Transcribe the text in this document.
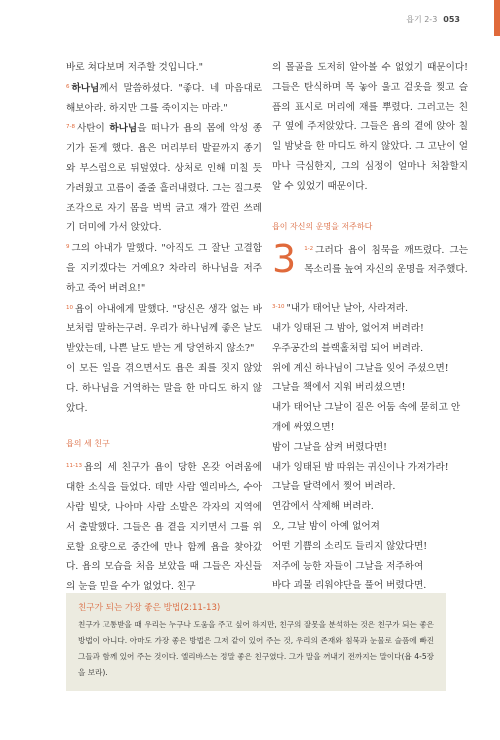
욥기 2-3 053

바로 쳐다보며 저주할 것입니다."

$^6$ 하나님께서 말씀하셨다. "좋다. 네 마음대로 해보아라. 하지만 그를 죽이지는 마라."

$^{7-8}$ 사탄이 하나님을 떠나가 욥의 몸에 악성 종기가 돋게 했다. 욥은 머리부터 발끝까지 종기와 부스럼으로 뒤덮였다. 상처로 인해 미칠 듯 가려웠고 고름이 줄줄 흘러내렸다. 그는 질그릇 조각으로 자기 몸을 벅벅 긁고 재가 깔린 쓰레기 더미에 가서 앉았다.

$^9$ 그의 아내가 말했다. "아직도 그 잘난 고결함을 지키겠다는 거예요? 차라리 하나님을 저주하고 죽어 버려요!"

$^{10}$ 욥이 아내에게 말했다. "당신은 생각 없는 바보처럼 말하는구려. 우리가 하나님께 좋은 날도 받았는데, 나쁜 날도 받는 게 당연하지 않소?"

이 모든 일을 겪으면서도 욥은 죄를 짓지 않았다. 하나님을 거역하는 말을 한 마디도 하지 않았다.

욥의 세 친구

$^{11-13}$ 욥의 세 친구가 욥이 당한 온갖 어려움에 대한 소식을 들었다. 데만 사람 엘리바스, 수아 사람 빌닷, 나아마 사람 소발은 각자의 지역에서 출발했다. 그들은 욥 곁을 지키면서 그를 위로할 요량으로 중간에 만나 함께 욥을 찾아갔다. 욥의 모습을 처음 보았을 때 그들은 자신들의 눈을 믿을 수가 없었다. 친구

의 몰골을 도저히 알아볼 수 없었기 때문이다! 그들은 탄식하며 목 놓아 울고 겉옷을 찢고 슬픔의 표시로 머리에 재를 뿌렸다. 그러고는 친구 옆에 주저앉았다. 그들은 욥의 곁에 앉아 칠 일 밤낮을 한 마디도 하지 않았다. 그 고난이 얼마나 극심한지, 그의 심정이 얼마나 처참할지 알 수 있었기 때문이다.

욥이 자신의 운명을 저주하다
3	$^{1-2}$ 그러다 욥이 침묵을 깨뜨렸다. 그는 목소리를 높여 자신의 운명을 저주했다.

$^{3-10}$ "내가 태어난 날아, 사라져라.
내가 잉태된 그 밤아, 없어져 버려라!
우주공간의 블랙홀처럼 되어 버려라.
위에 계신 하나님이 그날을 잊어 주셨으면!
그날을 책에서 지워 버리셨으면!
내가 태어난 그날이 짙은 어둠 속에 묻히고 안
개에 싸였으면!
밤이 그날을 삼켜 버렸다면!
내가 잉태된 밤 따위는 귀신이나 가져가라!
그날을 달력에서 찢어 버려라.
연감에서 삭제해 버려라.
오, 그날 밤이 아예 없어져
어떤 기쁨의 소리도 들리지 않았다면!
저주에 능한 자들이 그날을 저주하여
바다 괴물 리워야단을 풀어 버렸다면.
친구가 되는 가장 좋은 방법(2:11-13)

친구가 고통받을 때 우리는 누구나 도움을 주고 싶어 하지만, 친구의 잘못을 분석하는 것은 친구가 되는 좋은 방법이 아니다. 아마도 가장 좋은 방법은 그저 같이 있어 주는 것, 우리의 존재와 침묵과 눈물로 슬픔에 빠진 그들과 함께 있어 주는 것이다. 엘리바스는 정말 좋은 친구였다. 그가 말을 꺼내기 전까지는 말이다(욥 4-5장을 보라).
